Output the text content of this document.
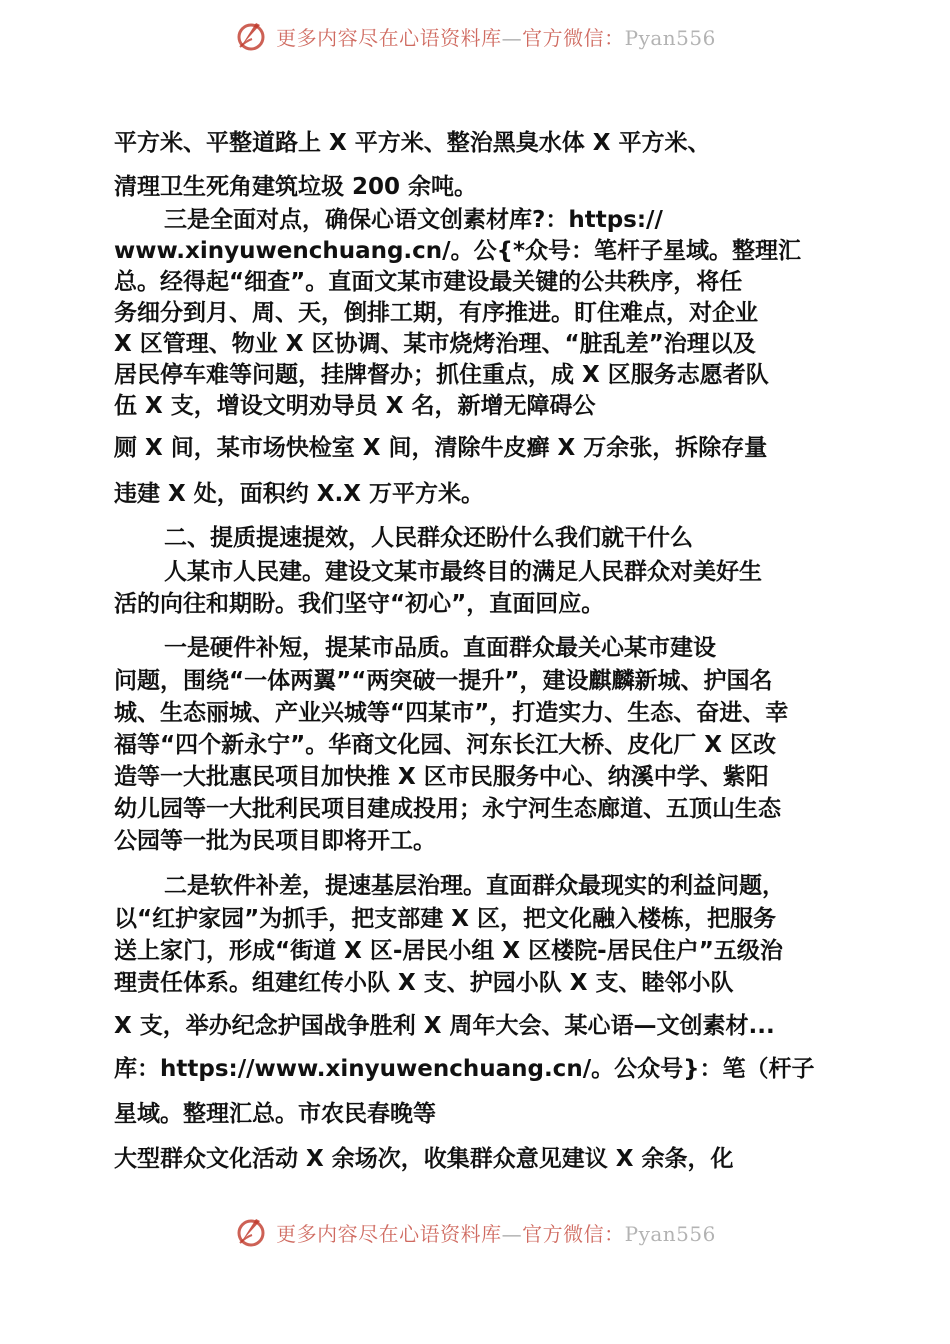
更多内容尽在心语资料库—官方微信：Pyan556
平方米、平整道路上 X 平方米、整治黑臭水体 X 平方米、
清理卫生死角建筑垃圾 200 余吨。
三是全面对点，确保心语文创素材库?：https://
www.xinyuwenchuang.cn/。公{*众号：笔杆子星域。整理汇
总。经得起“细查”。直面文某市建设最关键的公共秩序，将任
务细分到月、周、天，倒排工期，有序推进。盯住难点，对企业
X 区管理、物业 X 区协调、某市烧烤治理、“脏乱差”治理以及
居民停车难等问题，挂牌督办；抓住重点，成 X 区服务志愿者队
伍 X 支，增设文明劝导员 X 名，新增无障碍公
厕 X 间，某市场快检室 X 间，清除牛皮癣 X 万余张，拆除存量
违建 X 处，面积约 X.X 万平方米。
二、提质提速提效，人民群众还盼什么我们就干什么
人某市人民建。建设文某市最终目的满足人民群众对美好生
活的向往和期盼。我们坚守“初心”，直面回应。
一是硬件补短，提某市品质。直面群众最关心某市建设
问题，围绕“一体两翼”“两突破一提升”，建设麒麟新城、护国名
城、生态丽城、产业兴城等“四某市”，打造实力、生态、奋进、幸
福等“四个新永宁”。华商文化园、河东长江大桥、皮化厂 X 区改
造等一大批惠民项目加快推 X 区市民服务中心、纳溪中学、紫阳
幼儿园等一大批利民项目建成投用；永宁河生态廊道、五顶山生态
公园等一批为民项目即将开工。
二是软件补差，提速基层治理。直面群众最现实的利益问题，
以“红护家园”为抓手，把支部建 X 区，把文化融入楼栋，把服务
送上家门，形成“街道 X 区-居民小组 X 区楼院-居民住户”五级治
理责任体系。组建红传小队 X 支、护园小队 X 支、睦邻小队
X 支，举办纪念护国战争胜利 X 周年大会、某心语—文创素材...
库：https://www.xinyuwenchuang.cn/。公众号}：笔（杆子
星域。整理汇总。市农民春晚等
大型群众文化活动 X 余场次，收集群众意见建议 X 余条，化
更多内容尽在心语资料库—官方微信：Pyan556
